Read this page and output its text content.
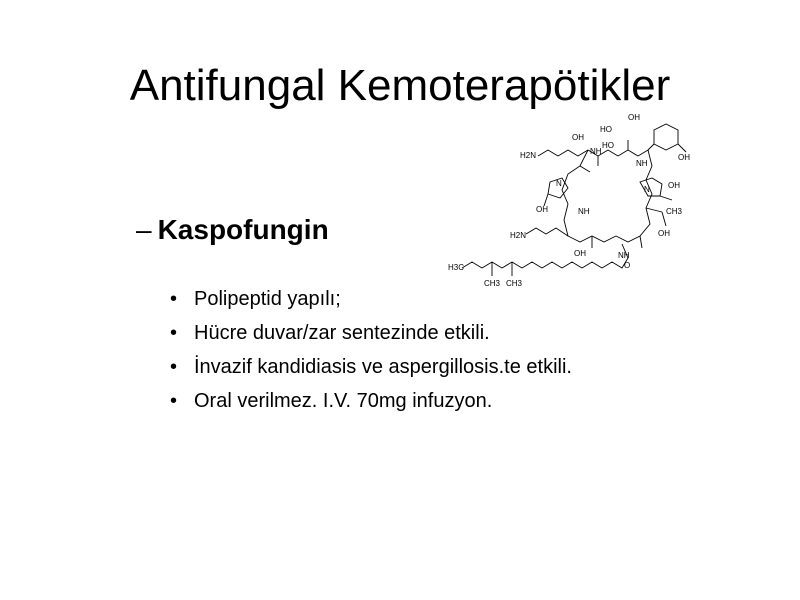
Antifungal Kemoterapötikler
H2N
H2N
HO
HO
OH
OH
OH
OH
OH
OH
OH
NH
NH
NH
NH
N
N
H3C
CH3 CH3
CH3
O
– Kaspofungin
• Polipeptid yapılı;
• Hücre duvar/zar sentezinde etkili.
• İnvazif kandidiasis ve aspergillosis.te etkili.
• Oral verilmez. I.V. 70mg infuzyon.
